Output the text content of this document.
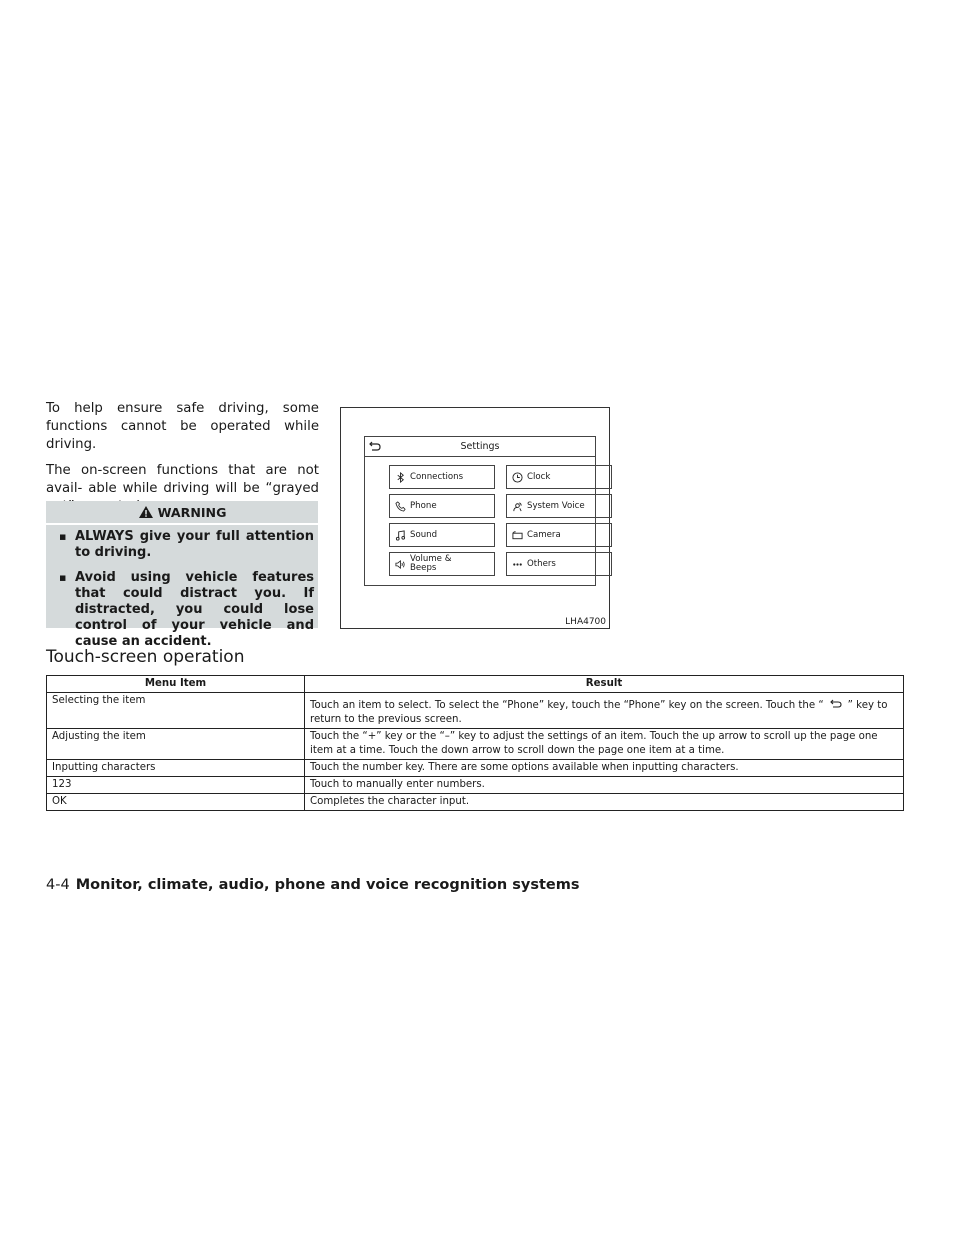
To help ensure safe driving, some functions cannot be operated while driving.

The on-screen functions that are not avail- able while driving will be “grayed

WARNING
▪ ALWAYS give your full attention to driving.
▪ Avoid using vehicle features that could distract you. If distracted, you could lose control of your vehicle and cause an accident.
Settings
Connections	Clock
Phone	System Voice
Sound	Camera
Volume &
Beeps	Others
LHA4700
Touch-screen operation
Menu Item	Result
Selecting the item	Touch an item to select. To select the “Phone” key, touch the “Phone” key on the screen. Touch the “ ” key to return to the previous screen.
Adjusting the item	Touch the “+” key or the “–” key to adjust the settings of an item. Touch the up arrow to scroll up the page one item at a time. Touch the down arrow to scroll down the page one item at a time.
Inputting characters	Touch the number key. There are some options available when inputting characters.
123	Touch to manually enter numbers.
OK	Completes the character input.
4-4 Monitor, climate, audio, phone and voice recognition systems
